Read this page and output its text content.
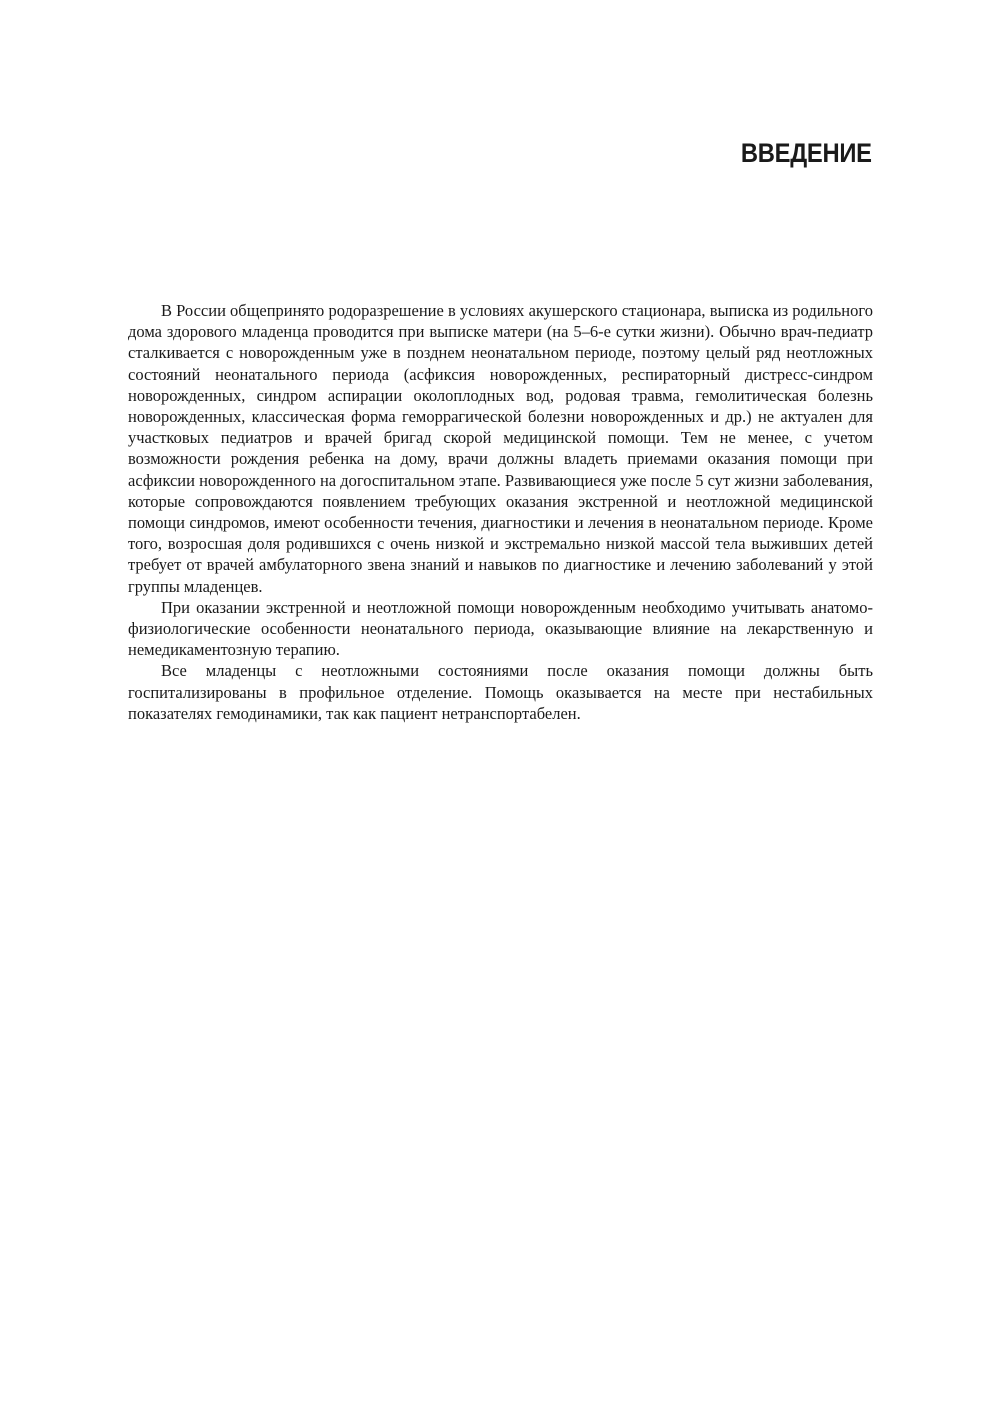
ВВЕДЕНИЕ

В России общепринято родоразрешение в условиях акушерского стационара, выписка из родильного дома здорового младенца проводится при выписке матери (на 5–6-е сутки жизни). Обычно врач-педиатр сталкивается с новорожденным уже в позднем неонатальном периоде, поэтому целый ряд неотложных состояний неонатального периода (асфиксия новорожденных, респираторный дистресс-синдром новорожденных, синдром аспирации околоплодных вод, родовая травма, гемолитическая болезнь новорожденных, классическая форма геморрагической болезни новорожденных и др.) не актуален для участковых педиатров и врачей бригад скорой медицинской помощи. Тем не менее, с учетом возможности рождения ребенка на дому, врачи должны владеть приемами оказания помощи при асфиксии новорожденного на догоспитальном этапе. Развивающиеся уже после 5 сут жизни заболевания, которые сопровождаются появлением требующих оказания экстренной и неотложной медицинской помощи синдромов, имеют особенности течения, диагностики и лечения в неонатальном периоде. Кроме того, возросшая доля родившихся с очень низкой и экстремально низкой массой тела выживших детей требует от врачей амбулаторного звена знаний и навыков по диагностике и лечению заболеваний у этой группы младенцев.

При оказании экстренной и неотложной помощи новорожденным необходимо учитывать анатомо-физиологические особенности неонатального периода, оказывающие влияние на лекарственную и немедикаментозную терапию.

Все младенцы с неотложными состояниями после оказания помощи должны быть госпитализированы в профильное отделение. Помощь оказывается на месте при нестабильных показателях гемодинамики, так как пациент нетранспортабелен.
